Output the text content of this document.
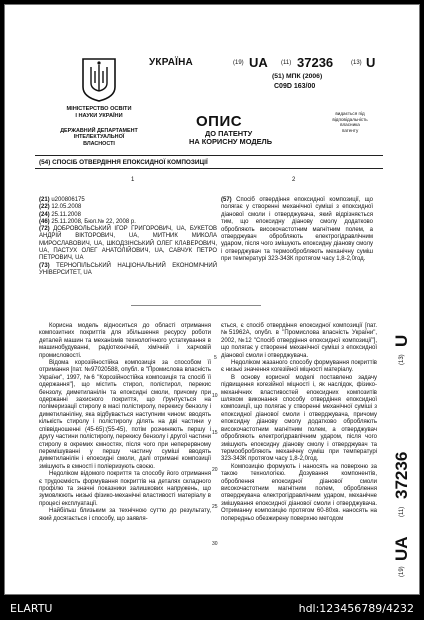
МІНІСТЕРСТВО ОСВІТИ
І НАУКИ УКРАЇНИ
ДЕРЖАВНИЙ ДЕПАРТАМЕНТ
ІНТЕЛЕКТУАЛЬНОЇ
ВЛАСНОСТІ
УКРАЇНА	(19) UA (11) 37236	(13) U
(51) МПК (2006)
C09D 163/00
ОПИС
ДО ПАТЕНТУ
НА КОРИСНУ МОДЕЛЬ
видається під
відповідальність
власника
патенту
(54) СПОСІБ ОТВЕРДІННЯ ЕПОКСИДНОЇ КОМПОЗИЦІЇ
1	2
(21) u200806175
(22) 12.05.2008
(24) 25.11.2008
(46) 25.11.2008, Бюл.№ 22, 2008 р.
(72) ДОБРОВОЛЬСЬКИЙ ІГОР ГРИГОРОВИЧ, UA, БУКЕТОВ АНДРІЙ ВІКТОРОВИЧ, UA, МИТНИК МИКОЛА МИРОСЛАВОВИЧ, UA, ШКОДЗІНСЬКИЙ ОЛЕГ КЛАВЕРОВИЧ, UA, ПАСТУХ ОЛЕГ АНАТОЛІЙОВИЧ, UA, САВЧУК ПЕТРО ПЕТРОВИЧ, UA
(73) ТЕРНОПІЛЬСЬКИЙ НАЦІОНАЛЬНИЙ ЕКОНОМІЧНИЙ УНІВЕРСИТЕТ, UA
(57) Спосіб отвердіння епоксидної композиції, що полягає у створенні механічної суміші з епоксидної діанової смоли і отверджувача, який відрізняється тим, що епоксидну діанову смолу додатково обробляють високочастотним магнітним полем, а отверджувач обробляють електрогідравлічним ударом, після чого змішують епоксидну діанову смолу і отверджувач та термообробляють механічну суміш при температурі 323-343К протягом часу 1,8-2,0год.

Корисна модель відноситься до області отримання композитних покриттів для збільшення ресурсу роботи деталей машин та механізмів технологічного устаткування в машинобудуванні, радіотехнічній, хімічній і харчовій промисловості.

Відома корозійностійка композиція за способом її отримання [пат. №97020588, опубл. в "Промислова власність України", 1997, №6 "Корозійностійка композиція та спосіб її одержання"], що містить стирол, полістирол, перекис бензолу, диметиланілін та епоксидні смоли, причому при одержанні захисного покриття, що ґрунтується на полімеризації стиролу в масі полістиролу, перекису бензолу і диметиланіліну, яка відбувається наступним чином: вводять кількість стиролу і полістиролу ділять на дві частини у співвідношенні (45-65):(55-45), потім розчиняють першу і другу частини полістиролу, перекису бензолу і другої частини стиролу в окремих ємностях, після чого при неперервному перемішуванні у першу частину суміші вводять диметиланілін і епоксидні смоли, далі отримані композиції змішують в ємності і поліеризують своєю.

Недоліком відомого покриття та способу його отримання є трудоємкість формування покриттів на деталях складного профілю та значні показники залишкових напружень, що зумовлюють низькі фізико-механічні властивості матеріалу в процесі експлуатації.

Найбільш близьким за технічною суттю до результату, який досягається і способу, що заявля-

5
10
15
20
25
30

ється, є спосіб отвердіння епоксидної композиції [пат. №51962А, опубл. в "Промислова власність України", 2002, №12 "Спосіб отвердіння епоксидної композиції"], що полягає у створенні механічної суміші з епоксидної діанової смоли і отверджувача.

Недоліком жазаного способу формування покриттів є низькі значення когезійної міцності матеріалу.

В основу корисної моделі поставлено задачу підвищення когезійної міцності і, як наслідок, фізико-механічних властивостей епоксидних композитів шляхом виконання способу отвердіння епоксидної композиції, що полягає у створенні механічної суміші з епоксидної діанової смоли і отверджувача, причому епоксидну діанову смолу додатково обробляють високочастотним магнітним полем, а отверджувач обробляють електрогідравлічним ударом, після чого змішують епоксидну діанову смолу і отверджувач та термообробляють механічну суміш при температурі 323-343К протягом часу 1,8-2,0год.

Композицію формують і наносять на поверхню за такою технологією. Дозування компонентів, оброблення епоксидної діанової смоли високочастотним магнітним полем, оброблення отверджувача електрогідравлічним ударом, механічне змішування епоксидної діанової смоли і отверджувача. Отриманну композицію протягом 60-80хв. наносять на попередньо обезжирену поверхню методом

(19)
UA
(11)
37236
(13)
U
ELARTU	hdl:123456789/4232
